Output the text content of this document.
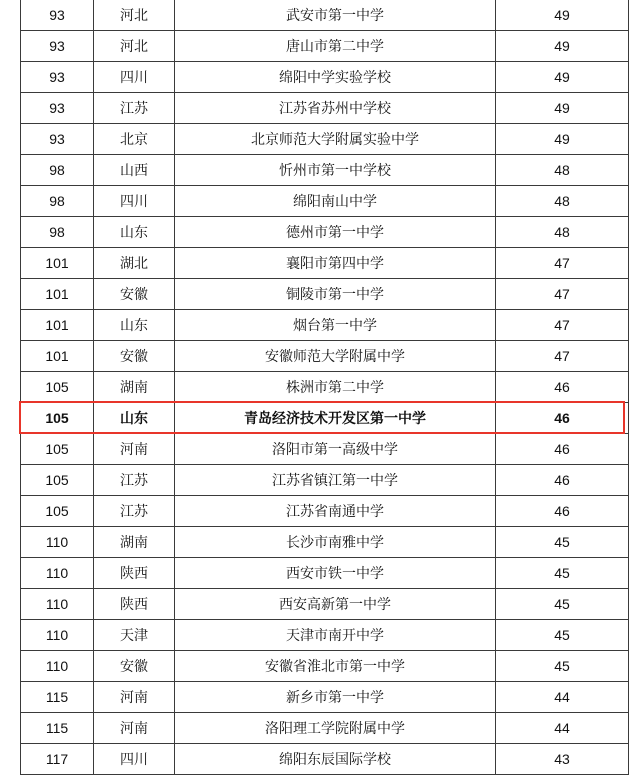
93	河北	武安市第一中学	49
93	河北	唐山市第二中学	49
93	四川	绵阳中学实验学校	49
93	江苏	江苏省苏州中学校	49
93	北京	北京师范大学附属实验中学	49
98	山西	忻州市第一中学校	48
98	四川	绵阳南山中学	48
98	山东	德州市第一中学	48
101	湖北	襄阳市第四中学	47
101	安徽	铜陵市第一中学	47
101	山东	烟台第一中学	47
101	安徽	安徽师范大学附属中学	47
105	湖南	株洲市第二中学	46
105	山东	青岛经济技术开发区第一中学	46
105	河南	洛阳市第一高级中学	46
105	江苏	江苏省镇江第一中学	46
105	江苏	江苏省南通中学	46
110	湖南	长沙市南雅中学	45
110	陕西	西安市铁一中学	45
110	陕西	西安高新第一中学	45
110	天津	天津市南开中学	45
110	安徽	安徽省淮北市第一中学	45
115	河南	新乡市第一中学	44
115	河南	洛阳理工学院附属中学	44
117	四川	绵阳东辰国际学校	43
